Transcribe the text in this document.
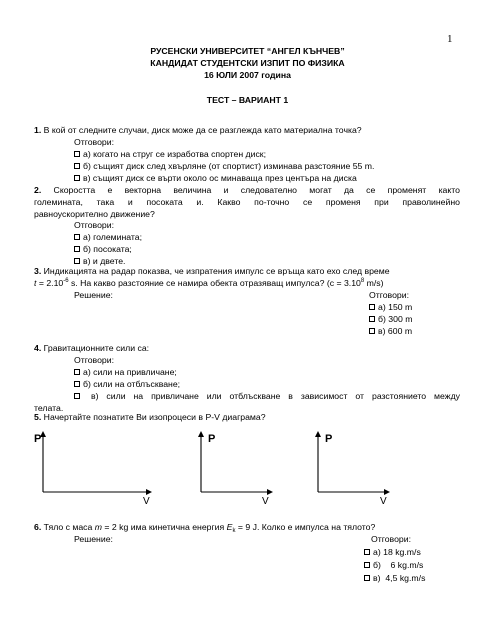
1
РУСЕНСКИ УНИВЕРСИТЕТ “АНГЕЛ КЪНЧЕВ”
КАНДИДАТ СТУДЕНТСКИ ИЗПИТ ПО ФИЗИКА
16 ЮЛИ 2007 година
ТЕСТ – ВАРИАНТ 1
1. В кой от следните случаи, диск може да се разглежда като материална точка?
Отговори:
а) когато на струг се изработва спортен диск;
б) същият диск след хвърляне (от спортист) изминава разстояние 55 m.
в) същият диск се върти около ос минаваща през центъра на диска
2. Скоростта е векторна величина и следователно могат да се променят както
големината, така и посоката и. Какво по-точно се променя при праволинейно
равноускорително движение?
Отговори:
а) големината;
б) посоката;
в) и двете.
3. Индикацията на радар показва, че изпратения импулс се връща като ехо след време
$t = 2.10^{-6}$ s. На какво разстояние се намира обекта отразяващ импулса? ($c = 3.10^8$ m/s)
Решение:	Отговори:
а) 150 m
б) 300 m
в) 600 m
4. Гравитационните сили са:
Отговори:
а) сили на привличане;
б) сили на отблъскване;
в) сили на привличане или отблъскване в зависимост от разстоянието между
телата.
5. Начертайте познатите Ви изопроцеси в P-V диаграма?
P
V
P
V
P
V
6. Тяло с маса m = 2 kg има кинетична енергия $E_k = 9$ J. Колко е импулса на тялото?
Решение:	Отговори:
а) 18 kg.m/s
б)    6 kg.m/s
в)  4,5 kg.m/s
